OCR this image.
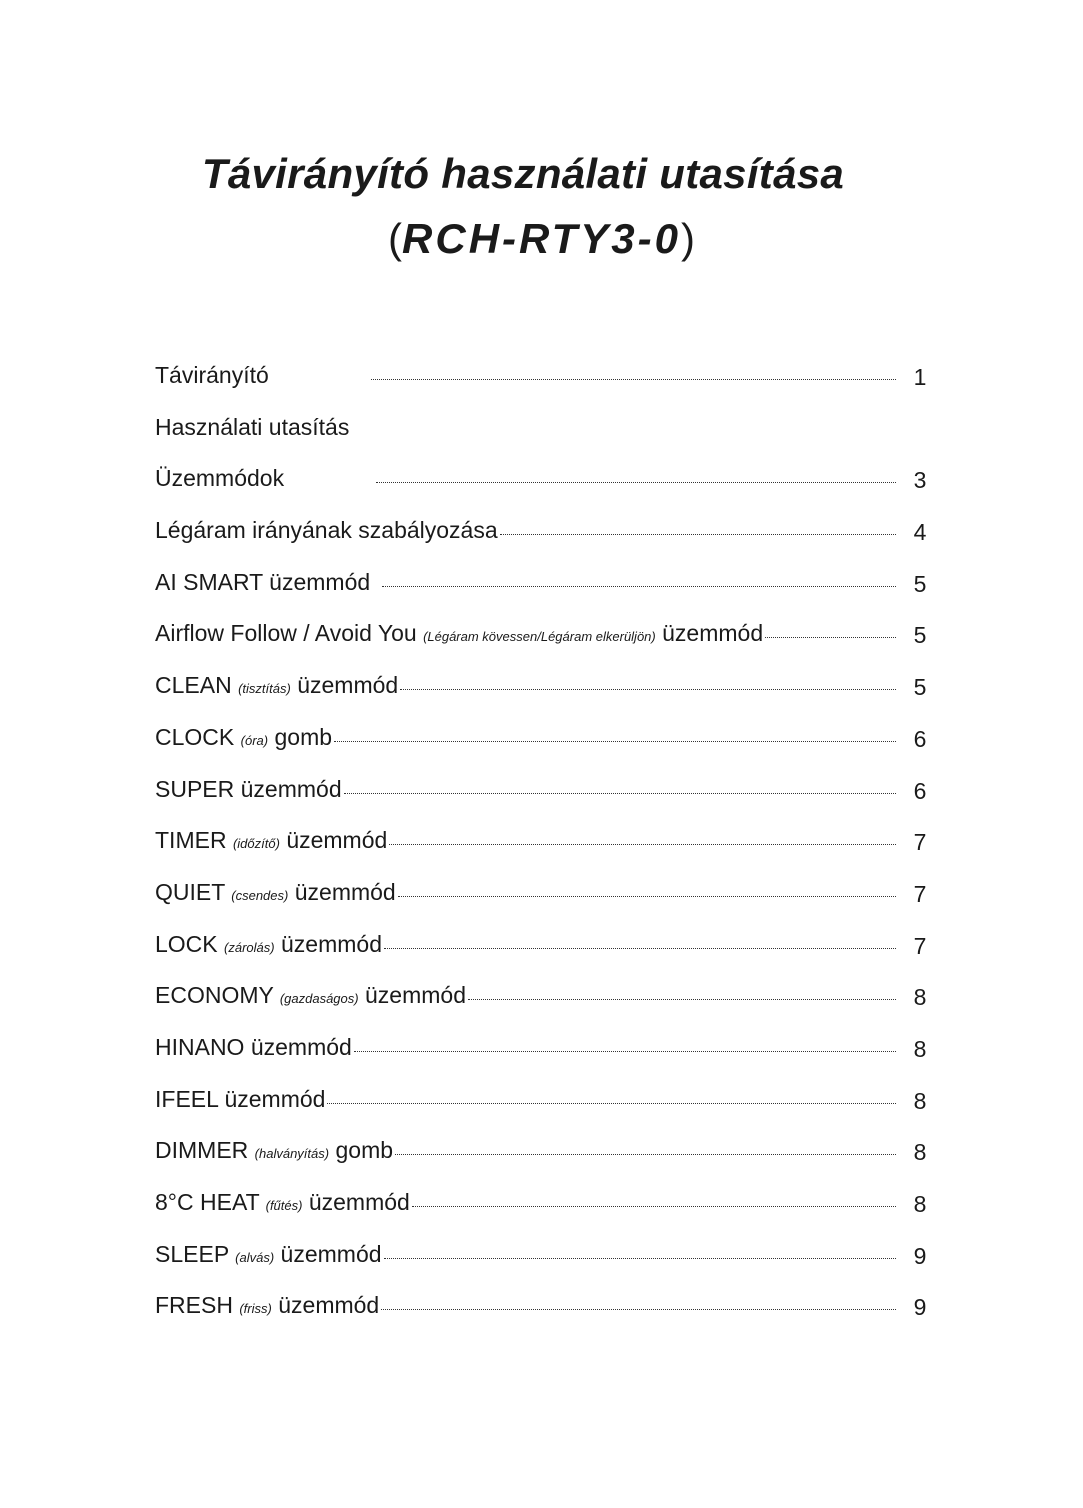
Távirányító használati utasítása
(RCH-RTY3-0)
Távirányító	1
Használati utasítás
Üzemmódok	3
Légáram irányának szabályozása	4
AI SMART üzemmód	5
Airflow Follow / Avoid You (Légáram kövessen/Légáram elkerüljön) üzemmód	5
CLEAN (tisztítás) üzemmód	5
CLOCK (óra) gomb	6
SUPER üzemmód	6
TIMER (időzítő) üzemmód	7
QUIET (csendes) üzemmód	7
LOCK (zárolás) üzemmód	7
ECONOMY (gazdaságos) üzemmód	8
HINANO üzemmód	8
IFEEL üzemmód	8
DIMMER (halványítás) gomb	8
8°C HEAT (fűtés) üzemmód	8
SLEEP (alvás) üzemmód	9
FRESH (friss) üzemmód	9
